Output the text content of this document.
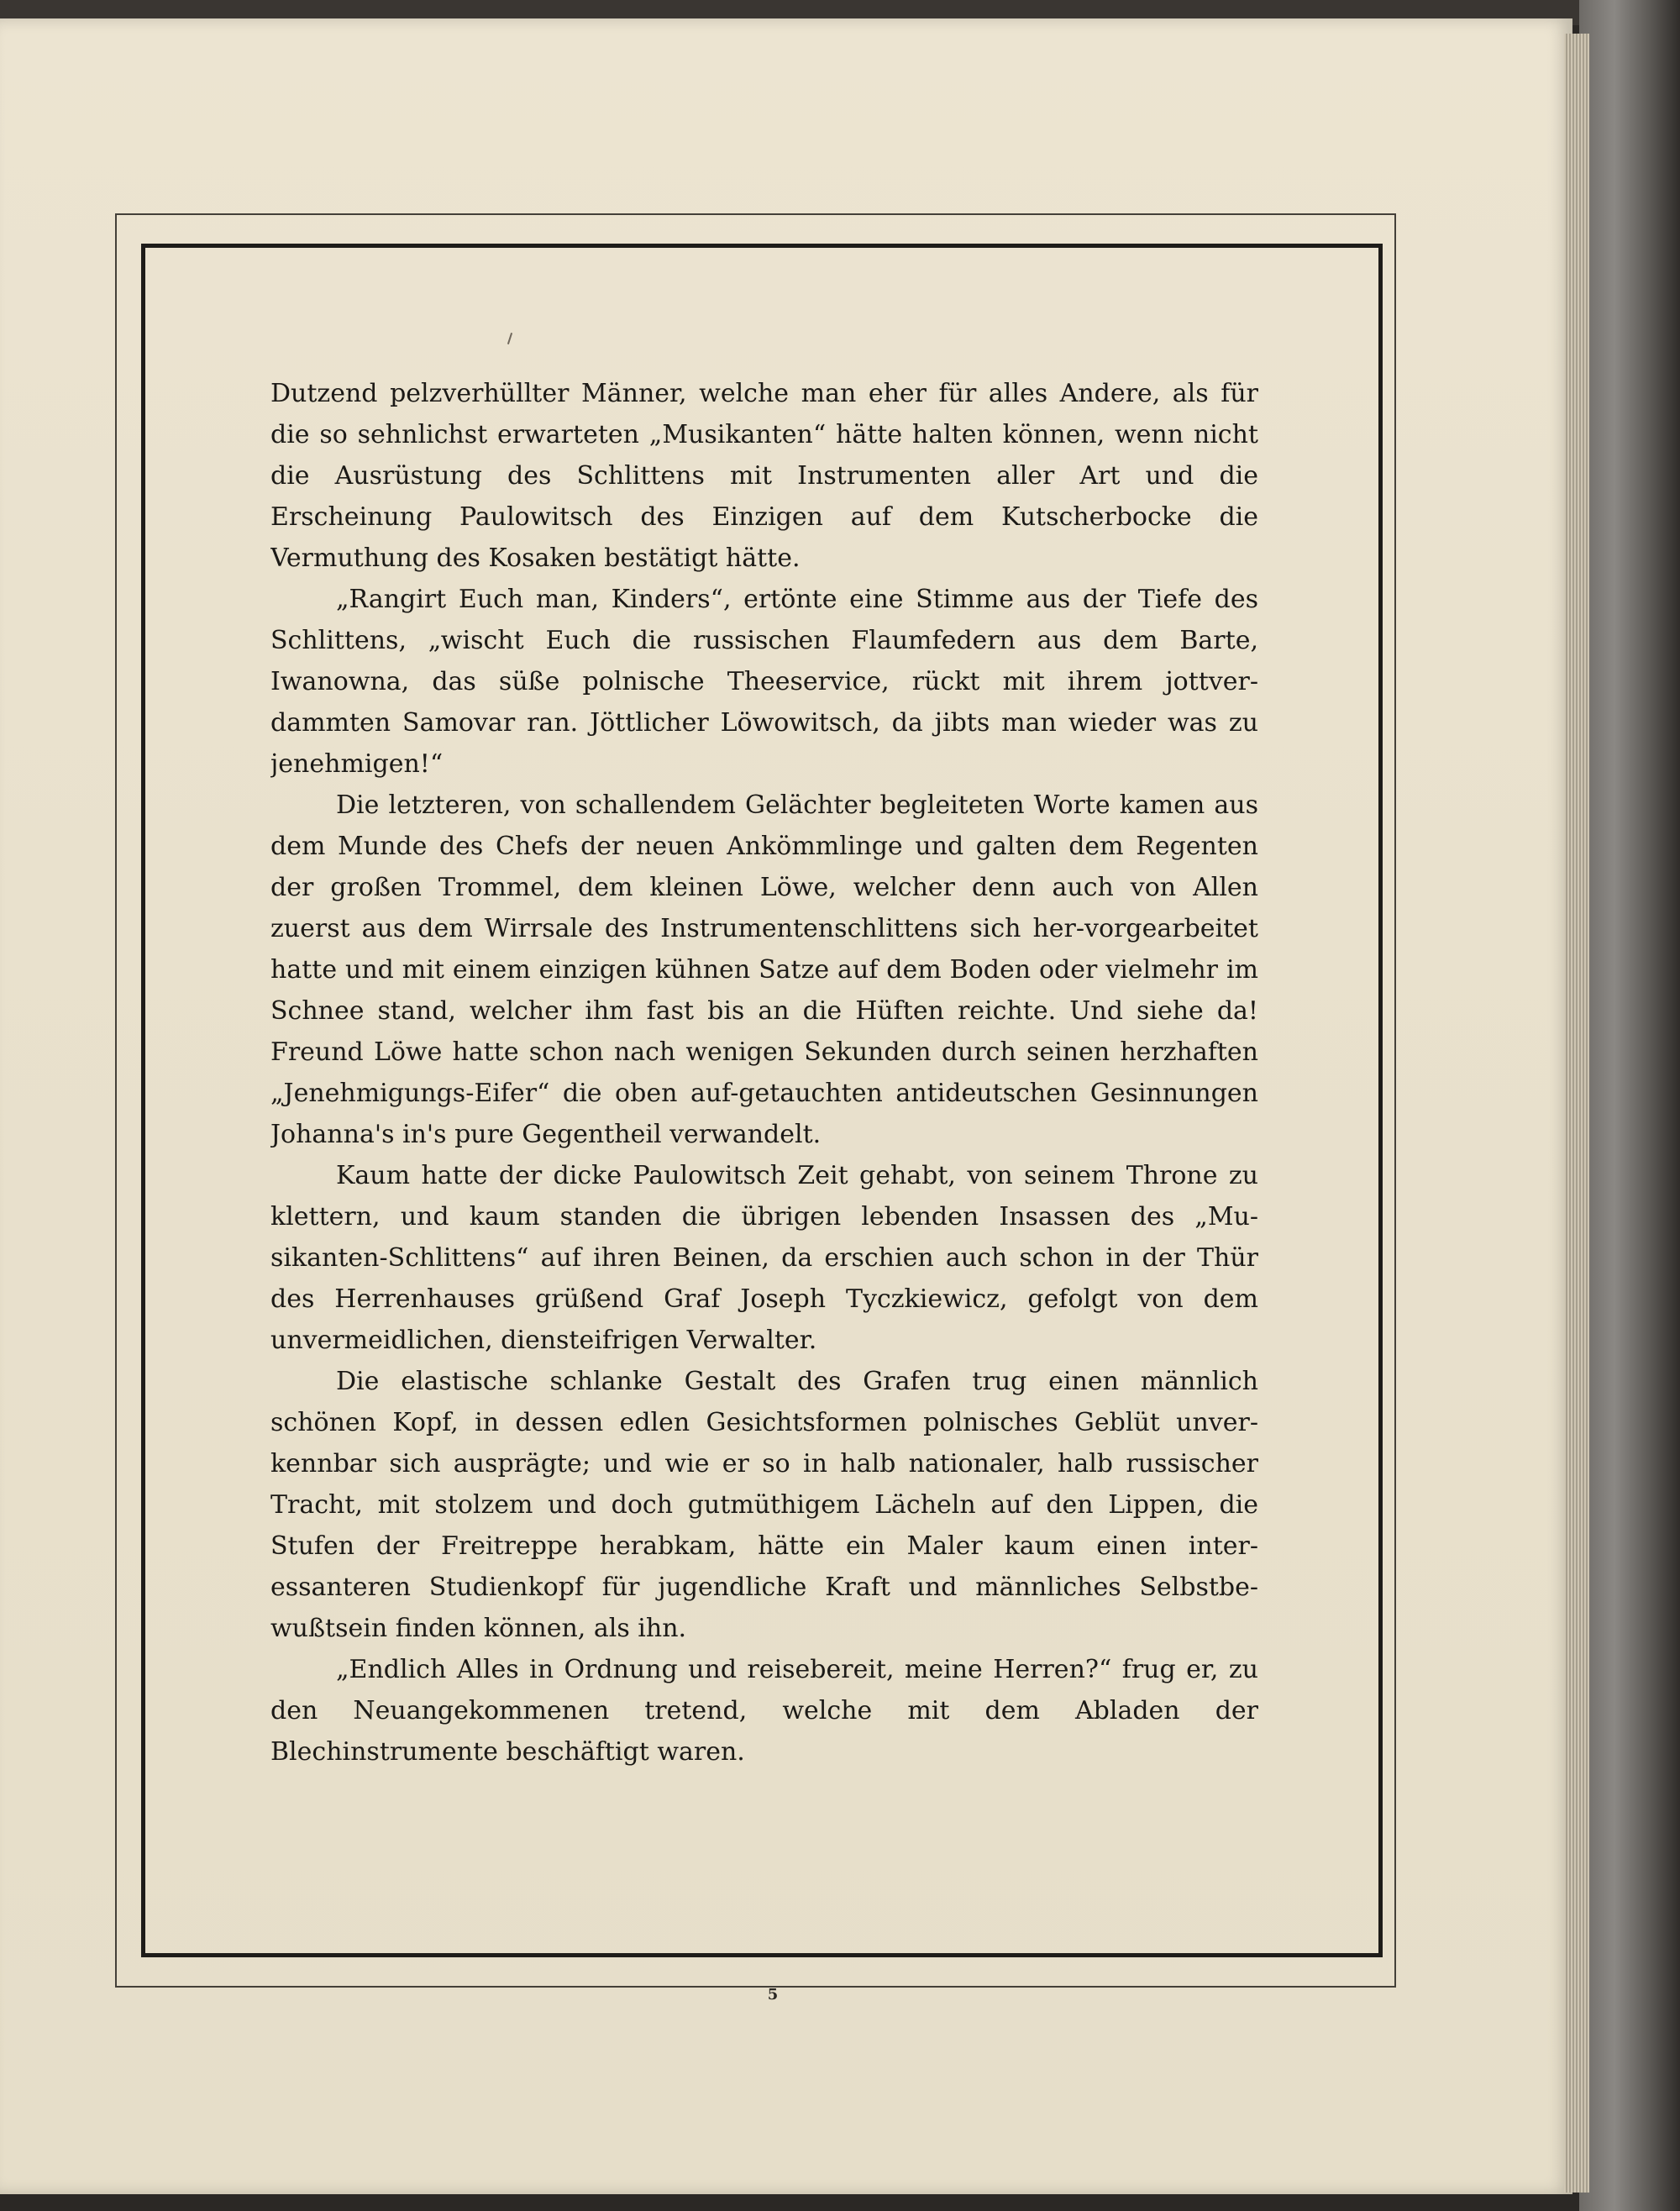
Dutzend pelzverhüllter Männer, welche man eher für alles Andere, als für die so sehnlichst erwarteten „Musikanten“ hätte halten können, wenn nicht die Ausrüstung des Schlittens mit Instrumenten aller Art und die Erscheinung Paulowitsch des Einzigen auf dem Kutscherbocke die Vermuthung des Kosaken bestätigt hätte.

„Rangirt Euch man, Kinders“, ertönte eine Stimme aus der Tiefe des Schlittens, „wischt Euch die russischen Flaumfedern aus dem Barte, Iwanowna, das süße polnische Theeservice, rückt mit ihrem jottver-dammten Samovar ran. Jöttlicher Löwowitsch, da jibts man wieder was zu jenehmigen!“

Die letzteren, von schallendem Gelächter begleiteten Worte kamen aus dem Munde des Chefs der neuen Ankömmlinge und galten dem Regenten der großen Trommel, dem kleinen Löwe, welcher denn auch von Allen zuerst aus dem Wirrsale des Instrumentenschlittens sich her-vorgearbeitet hatte und mit einem einzigen kühnen Satze auf dem Boden oder vielmehr im Schnee stand, welcher ihm fast bis an die Hüften reichte. Und siehe da! Freund Löwe hatte schon nach wenigen Sekunden durch seinen herzhaften „Jenehmigungs-Eifer“ die oben auf-getauchten antideutschen Gesinnungen Johanna's in's pure Gegentheil verwandelt.

Kaum hatte der dicke Paulowitsch Zeit gehabt, von seinem Throne zu klettern, und kaum standen die übrigen lebenden Insassen des „Mu-sikanten-Schlittens“ auf ihren Beinen, da erschien auch schon in der Thür des Herrenhauses grüßend Graf Joseph Tyczkiewicz, gefolgt von dem unvermeidlichen, diensteifrigen Verwalter.

Die elastische schlanke Gestalt des Grafen trug einen männlich schönen Kopf, in dessen edlen Gesichtsformen polnisches Geblüt unver-kennbar sich ausprägte; und wie er so in halb nationaler, halb russischer Tracht, mit stolzem und doch gutmüthigem Lächeln auf den Lippen, die Stufen der Freitreppe herabkam, hätte ein Maler kaum einen inter-essanteren Studienkopf für jugendliche Kraft und männliches Selbstbe-wußtsein finden können, als ihn.

„Endlich Alles in Ordnung und reisebereit, meine Herren?“ frug er, zu den Neuangekommenen tretend, welche mit dem Abladen der Blechinstrumente beschäftigt waren.

5
